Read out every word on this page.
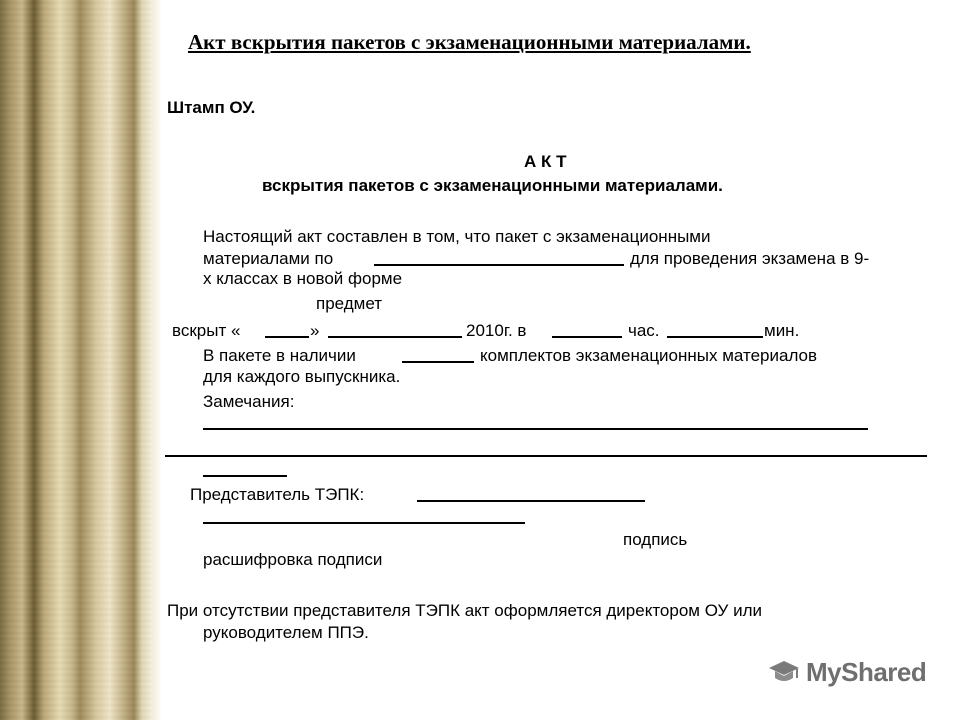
Акт вскрытия пакетов с экзаменационными материалами.
Штамп ОУ.
А К Т
вскрытия пакетов с экзаменационными материалами.
Настоящий акт составлен в том, что пакет с экзаменационными
материалами по	для проведения экзамена в 9-
х классах в новой форме
предмет
вскрыт «	»	2010г. в	час.	мин.
В пакете в наличии	комплектов экзаменационных материалов
для каждого выпускника.
Замечания:
Представитель ТЭПК:
подпись
расшифровка подписи
При отсутствии представителя ТЭПК акт оформляется директором ОУ или
руководителем ППЭ.
MyShared
